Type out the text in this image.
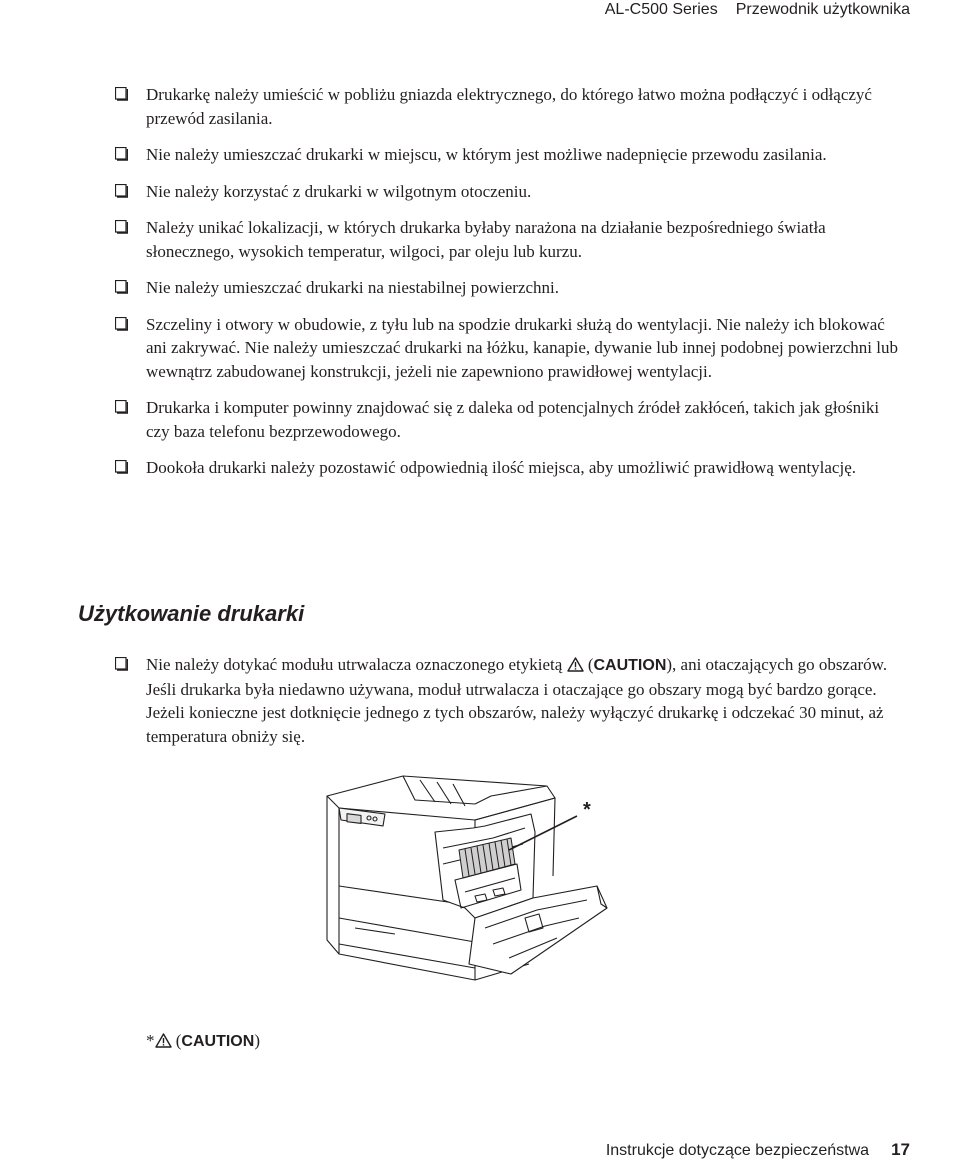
AL-C500 Series Przewodnik użytkownika
Drukarkę należy umieścić w pobliżu gniazda elektrycznego, do którego łatwo można podłączyć i odłączyć przewód zasilania.
Nie należy umieszczać drukarki w miejscu, w którym jest możliwe nadepnięcie przewodu zasilania.
Nie należy korzystać z drukarki w wilgotnym otoczeniu.
Należy unikać lokalizacji, w których drukarka byłaby narażona na działanie bezpośredniego światła słonecznego, wysokich temperatur, wilgoci, par oleju lub kurzu.
Nie należy umieszczać drukarki na niestabilnej powierzchni.
Szczeliny i otwory w obudowie, z tyłu lub na spodzie drukarki służą do wentylacji. Nie należy ich blokować ani zakrywać. Nie należy umieszczać drukarki na łóżku, kanapie, dywanie lub innej podobnej powierzchni lub wewnątrz zabudowanej konstrukcji, jeżeli nie zapewniono prawidłowej wentylacji.
Drukarka i komputer powinny znajdować się z daleka od potencjalnych źródeł zakłóceń, takich jak głośniki czy baza telefonu bezprzewodowego.
Dookoła drukarki należy pozostawić odpowiednią ilość miejsca, aby umożliwić prawidłową wentylację.
Użytkowanie drukarki
Nie należy dotykać modułu utrwalacza oznaczonego etykietą  (CAUTION), ani otaczających go obszarów. Jeśli drukarka była niedawno używana, moduł utrwalacza i otaczające go obszary mogą być bardzo gorące. Jeżeli konieczne jest dotknięcie jednego z tych obszarów, należy wyłączyć drukarkę i odczekać 30 minut, aż temperatura obniży się.
*
* (CAUTION)
Instrukcje dotyczące bezpieczeństwa 17
